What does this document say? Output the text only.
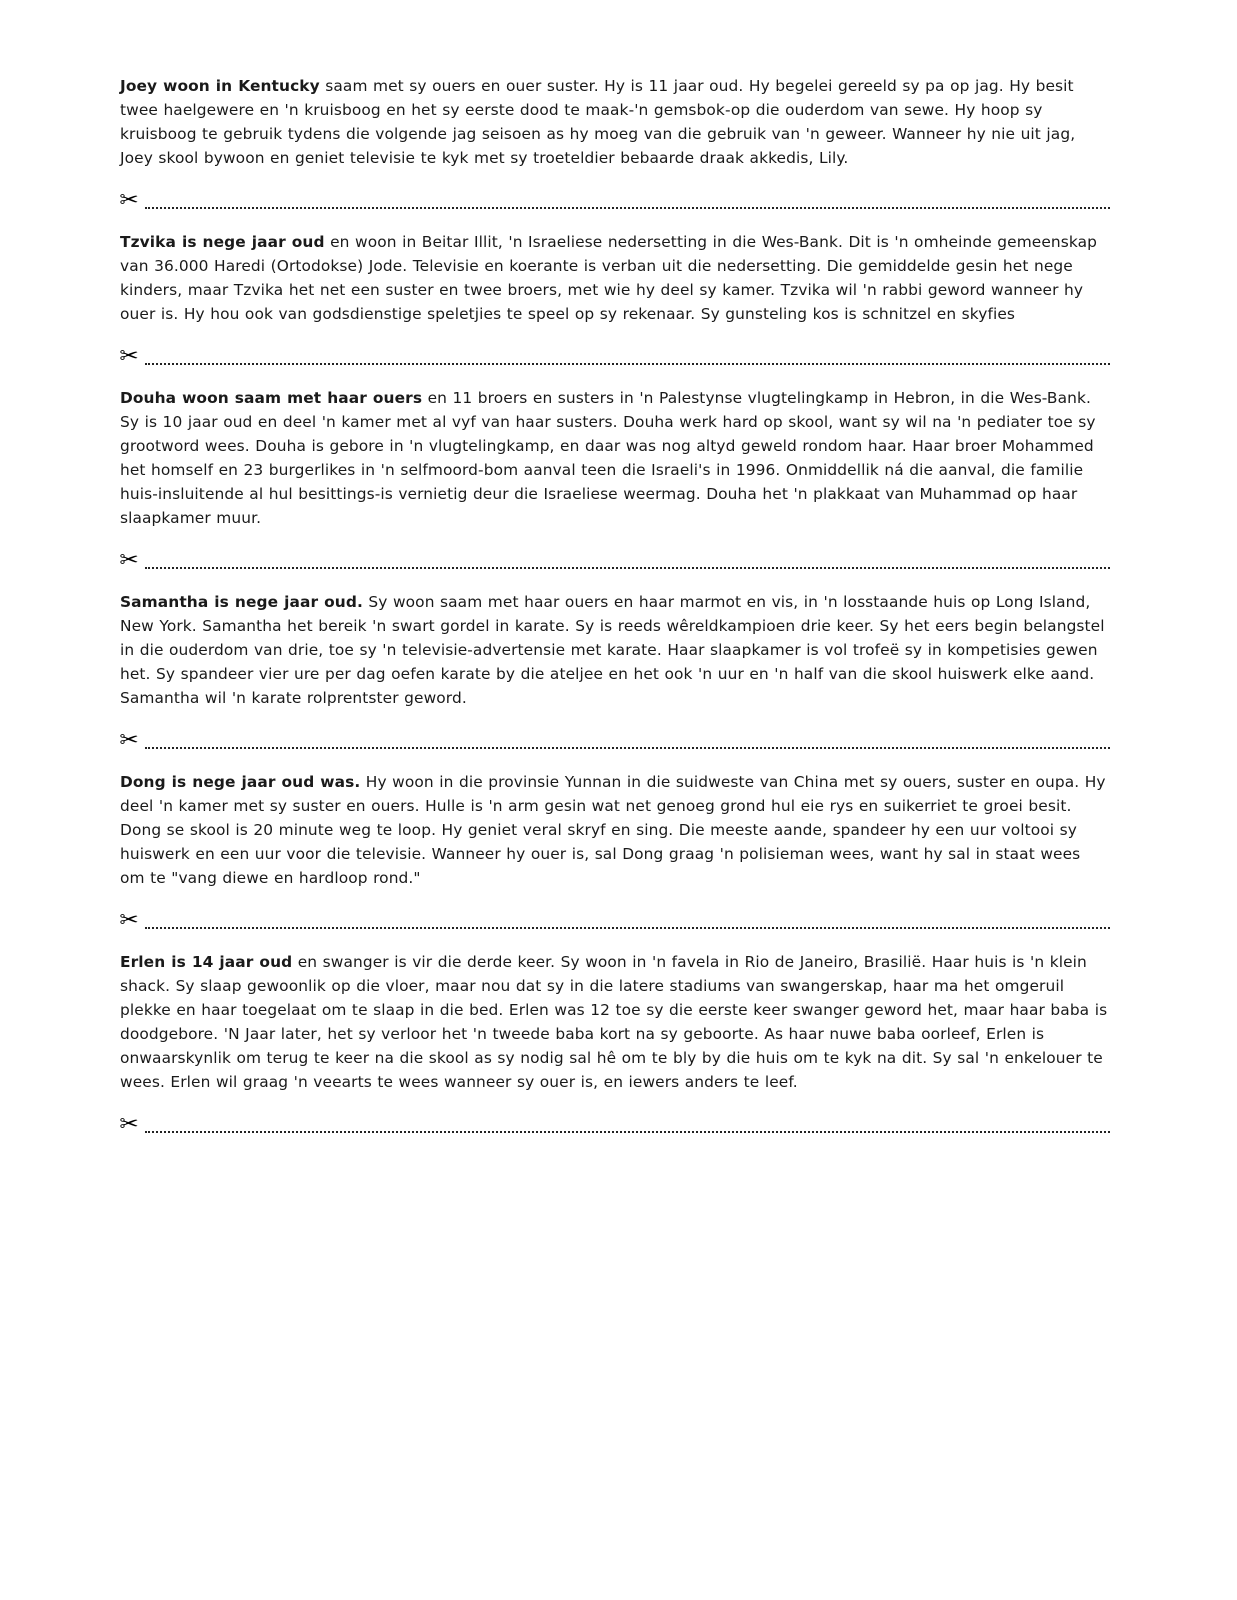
Joey woon in Kentucky saam met sy ouers en ouer suster. Hy is 11 jaar oud. Hy begelei gereeld sy pa op jag. Hy besit twee haelgewere en 'n kruisboog en het sy eerste dood te maak-'n gemsbok-op die ouderdom van sewe. Hy hoop sy kruisboog te gebruik tydens die volgende jag seisoen as hy moeg van die gebruik van 'n geweer. Wanneer hy nie uit jag, Joey skool bywoon en geniet televisie te kyk met sy troeteldier bebaarde draak akkedis, Lily.

✂

Tzvika is nege jaar oud en woon in Beitar Illit, 'n Israeliese nedersetting in die Wes-Bank. Dit is 'n omheinde gemeenskap van 36.000 Haredi (Ortodokse) Jode. Televisie en koerante is verban uit die nedersetting. Die gemiddelde gesin het nege kinders, maar Tzvika het net een suster en twee broers, met wie hy deel sy kamer. Tzvika wil 'n rabbi geword wanneer hy ouer is. Hy hou ook van godsdienstige speletjies te speel op sy rekenaar. Sy gunsteling kos is schnitzel en skyfies

✂

Douha woon saam met haar ouers en 11 broers en susters in 'n Palestynse vlugtelingkamp in Hebron, in die Wes-Bank. Sy is 10 jaar oud en deel 'n kamer met al vyf van haar susters. Douha werk hard op skool, want sy wil na 'n pediater toe sy grootword wees. Douha is gebore in 'n vlugtelingkamp, en daar was nog altyd geweld rondom haar. Haar broer Mohammed het homself en 23 burgerlikes in 'n selfmoord-bom aanval teen die Israeli's in 1996. Onmiddellik ná die aanval, die familie huis-insluitende al hul besittings-is vernietig deur die Israeliese weermag. Douha het 'n plakkaat van Muhammad op haar slaapkamer muur.

✂

Samantha is nege jaar oud. Sy woon saam met haar ouers en haar marmot en vis, in 'n losstaande huis op Long Island, New York. Samantha het bereik 'n swart gordel in karate. Sy is reeds wêreldkampioen drie keer. Sy het eers begin belangstel in die ouderdom van drie, toe sy 'n televisie-advertensie met karate. Haar slaapkamer is vol trofeë sy in kompetisies gewen het. Sy spandeer vier ure per dag oefen karate by die ateljee en het ook 'n uur en 'n half van die skool huiswerk elke aand. Samantha wil 'n karate rolprentster geword.

✂

Dong is nege jaar oud was. Hy woon in die provinsie Yunnan in die suidweste van China met sy ouers, suster en oupa. Hy deel 'n kamer met sy suster en ouers. Hulle is 'n arm gesin wat net genoeg grond hul eie rys en suikerriet te groei besit. Dong se skool is 20 minute weg te loop. Hy geniet veral skryf en sing. Die meeste aande, spandeer hy een uur voltooi sy huiswerk en een uur voor die televisie. Wanneer hy ouer is, sal Dong graag 'n polisieman wees, want hy sal in staat wees om te "vang diewe en hardloop rond."

✂

Erlen is 14 jaar oud en swanger is vir die derde keer. Sy woon in 'n favela in Rio de Janeiro, Brasilië. Haar huis is 'n klein shack. Sy slaap gewoonlik op die vloer, maar nou dat sy in die latere stadiums van swangerskap, haar ma het omgeruil plekke en haar toegelaat om te slaap in die bed. Erlen was 12 toe sy die eerste keer swanger geword het, maar haar baba is doodgebore. 'N Jaar later, het sy verloor het 'n tweede baba kort na sy geboorte. As haar nuwe baba oorleef, Erlen is onwaarskynlik om terug te keer na die skool as sy nodig sal hê om te bly by die huis om te kyk na dit. Sy sal 'n enkelouer te wees. Erlen wil graag 'n veearts te wees wanneer sy ouer is, en iewers anders te leef.

✂
